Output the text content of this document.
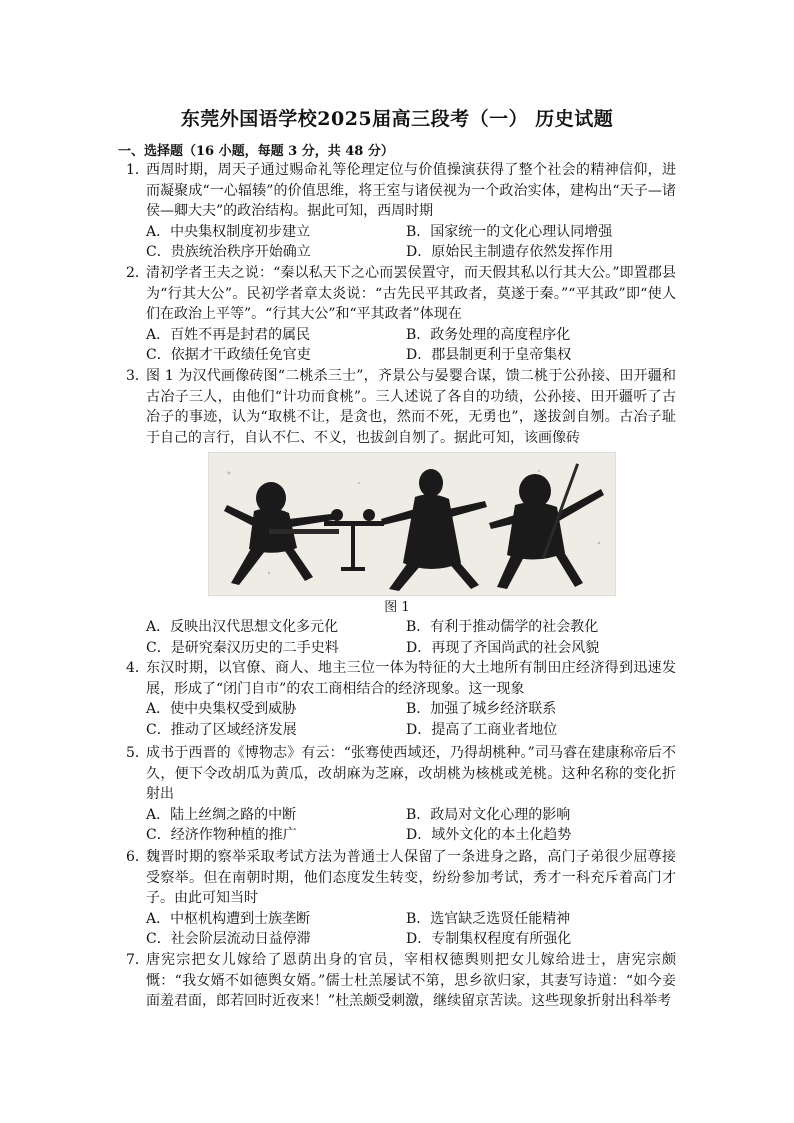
东莞外国语学校2025届高三段考（一） 历史试题
一、选择题（16 小题，每题 3 分，共 48 分）
1．
西周时期，周天子通过赐命礼等伦理定位与价值操演获得了整个社会的精神信仰，进而凝聚成“一心辐辏”的价值思维，将王室与诸侯视为一个政治实体，建构出“天子—诸侯—卿大夫”的政治结构。据此可知，西周时期
A．中央集权制度初步建立	B．国家统一的文化心理认同增强
C．贵族统治秩序开始确立	D．原始民主制遗存依然发挥作用
2．
清初学者王夫之说：“秦以私天下之心而罢侯置守，而天假其私以行其大公。”即置郡县为“行其大公”。民初学者章太炎说：“古先民平其政者，莫遂于秦。”“平其政”即“使人们在政治上平等”。“行其大公”和“平其政者”体现在
A．百姓不再是封君的属民	B．政务处理的高度程序化
C．依据才干政绩任免官吏	D．郡县制更利于皇帝集权
3．
图 1 为汉代画像砖图“二桃杀三士”，齐景公与晏婴合谋，馈二桃于公孙接、田开疆和古冶子三人，由他们“计功而食桃”。三人述说了各自的功绩，公孙接、田开疆听了古冶子的事迹，认为“取桃不让，是贪也，然而不死，无勇也”，遂拔剑自刎。古冶子耻于自己的言行，自认不仁、不义，也拔剑自刎了。据此可知，该画像砖
图 1
A．反映出汉代思想文化多元化	B．有利于推动儒学的社会教化
C．是研究秦汉历史的二手史料	D．再现了齐国尚武的社会风貌
4．
东汉时期，以官僚、商人、地主三位一体为特征的大土地所有制田庄经济得到迅速发展，形成了“闭门自市”的农工商相结合的经济现象。这一现象
A．使中央集权受到威胁	B．加强了城乡经济联系
C．推动了区域经济发展	D．提高了工商业者地位
5．
成书于西晋的《博物志》有云：“张骞使西域还，乃得胡桃种。”司马睿在建康称帝后不久，便下令改胡瓜为黄瓜，改胡麻为芝麻，改胡桃为核桃或羌桃。这种名称的变化折射出
A．陆上丝绸之路的中断	B．政局对文化心理的影响
C．经济作物种植的推广	D．域外文化的本土化趋势
6．
魏晋时期的察举采取考试方法为普通士人保留了一条进身之路，高门子弟很少屈尊接受察举。但在南朝时期，他们态度发生转变，纷纷参加考试，秀才一科充斥着高门才子。由此可知当时
A．中枢机构遭到士族垄断	B．选官缺乏选贤任能精神
C．社会阶层流动日益停滞	D．专制集权程度有所强化
7．
唐宪宗把女儿嫁给了恩荫出身的官员，宰相权德舆则把女儿嫁给进士，唐宪宗颇慨：“我女婿不如德舆女婿。”儒士杜羔屡试不第，思乡欲归家，其妻写诗道：“如今妾面羞君面，郎若回时近夜来！”杜羔颇受刺激，继续留京苦读。这些现象折射出科举考
